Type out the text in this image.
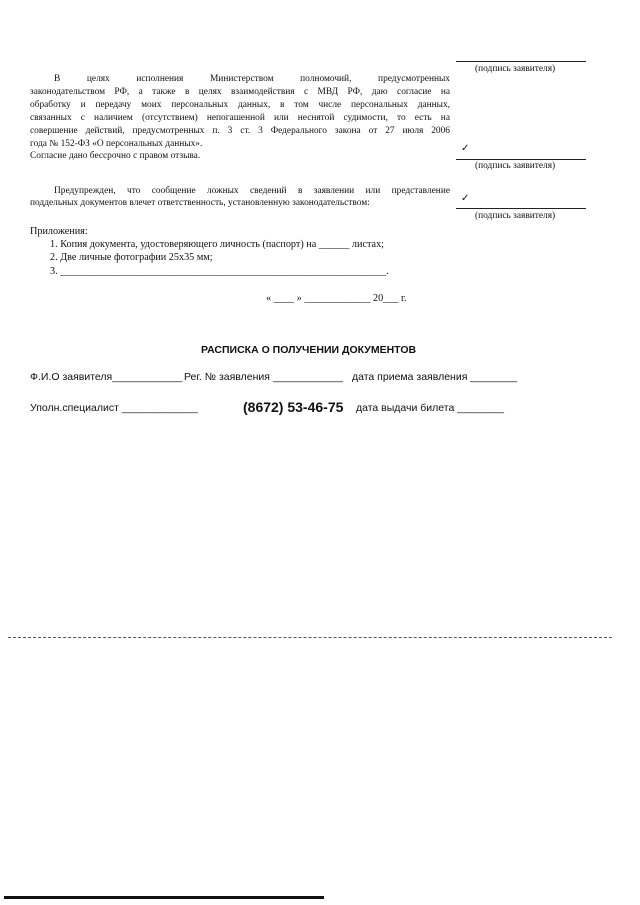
(подпись заявителя)
В целях исполнения Министерством полномочий, предусмотренных
законодательством РФ, а также в целях взаимодействия с МВД РФ, даю согласие на
обработку и передачу моих персональных данных, в том числе персональных данных,
связанных с наличием (отсутствием) непогашенной или неснятой судимости, то есть на
совершение действий, предусмотренных п. 3 ст. 3 Федерального закона от 27 июля 2006
года № 152-ФЗ «О персональных данных».
Согласие дано бессрочно с правом отзыва.
✓
(подпись заявителя)
Предупрежден, что сообщение ложных сведений в заявлении или представление
поддельных документов влечет ответственность, установленную законодательством:	✓
(подпись заявителя)
Приложения:
1. Копия документа, удостоверяющего личность (паспорт) на ______ листах;
2. Две личные фотографии 25х35 мм;
3. ________________________________________________________________.
« ____ » _____________ 20___ г.
РАСПИСКА О ПОЛУЧЕНИИ ДОКУМЕНТОВ
Ф.И.О заявителя____________ Рег. № заявления ____________ дата приема заявления ________
Уполн.специалист _____________	(8672) 53-46-75 дата выдачи билета ________
